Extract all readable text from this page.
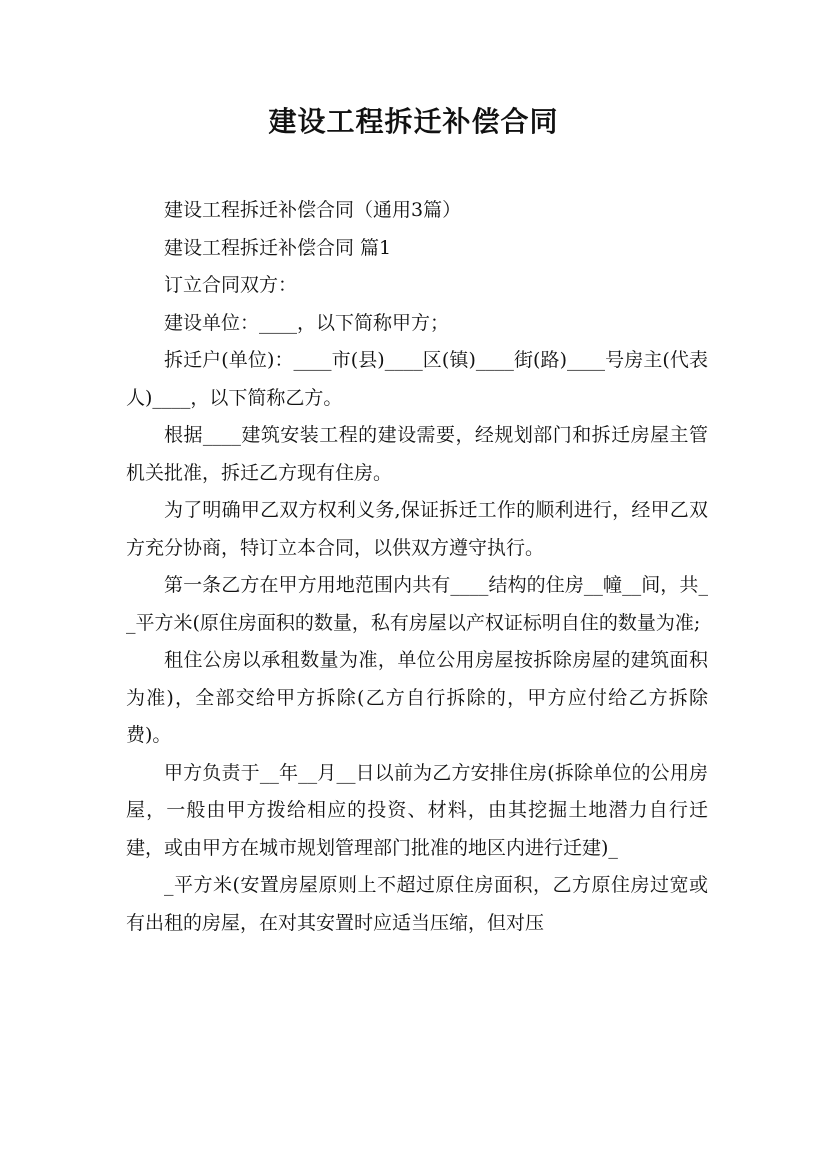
建设工程拆迁补偿合同

建设工程拆迁补偿合同（通用3篇）

建设工程拆迁补偿合同 篇1

订立合同双方：

建设单位：____，以下简称甲方；

拆迁户(单位)：____市(县)____区(镇)____街(路)____号房主(代表人)____，以下简称乙方。

根据____建筑安装工程的建设需要，经规划部门和拆迁房屋主管机关批准，拆迁乙方现有住房。

为了明确甲乙双方权利义务,保证拆迁工作的顺利进行，经甲乙双方充分协商，特订立本合同，以供双方遵守执行。

第一条乙方在甲方用地范围内共有____结构的住房__幢__间，共__平方米(原住房面积的数量，私有房屋以产权证标明自住的数量为准;

租住公房以承租数量为准，单位公用房屋按拆除房屋的建筑面积为准)，全部交给甲方拆除(乙方自行拆除的，甲方应付给乙方拆除费)。

甲方负责于__年__月__日以前为乙方安排住房(拆除单位的公用房屋，一般由甲方拨给相应的投资、材料，由其挖掘土地潜力自行迁建，或由甲方在城市规划管理部门批准的地区内进行迁建)_

_平方米(安置房屋原则上不超过原住房面积，乙方原住房过宽或有出租的房屋，在对其安置时应适当压缩，但对压
